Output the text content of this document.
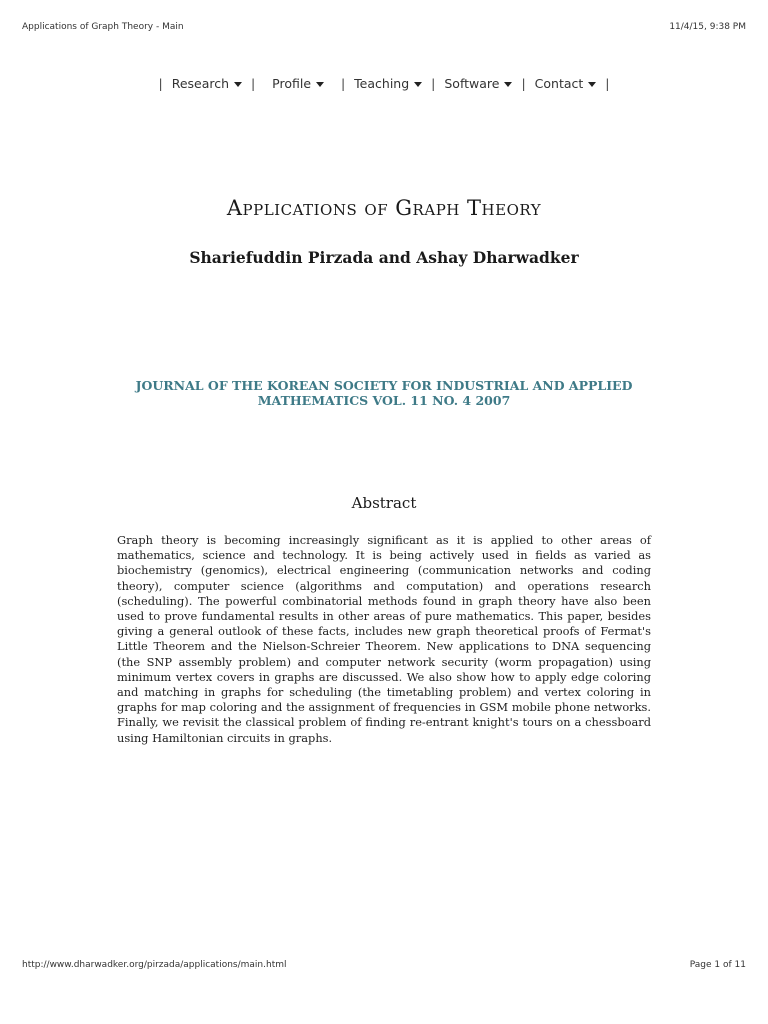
Applications of Graph Theory - Main	11/4/15, 9:38 PM
| Research | Profile | Teaching | Software | Contact |
Applications of Graph Theory
Shariefuddin Pirzada and Ashay Dharwadker
JOURNAL OF THE KOREAN SOCIETY FOR INDUSTRIAL AND APPLIED MATHEMATICS VOL. 11 NO. 4 2007
Abstract

Graph theory is becoming increasingly significant as it is applied to other areas of mathematics, science and technology. It is being actively used in fields as varied as biochemistry (genomics), electrical engineering (communication networks and coding theory), computer science (algorithms and computation) and operations research (scheduling). The powerful combinatorial methods found in graph theory have also been used to prove fundamental results in other areas of pure mathematics. This paper, besides giving a general outlook of these facts, includes new graph theoretical proofs of Fermat's Little Theorem and the Nielson-Schreier Theorem. New applications to DNA sequencing (the SNP assembly problem) and computer network security (worm propagation) using minimum vertex covers in graphs are discussed. We also show how to apply edge coloring and matching in graphs for scheduling (the timetabling problem) and vertex coloring in graphs for map coloring and the assignment of frequencies in GSM mobile phone networks. Finally, we revisit the classical problem of finding re-entrant knight's tours on a chessboard using Hamiltonian circuits in graphs.

http://www.dharwadker.org/pirzada/applications/main.html	Page 1 of 11
